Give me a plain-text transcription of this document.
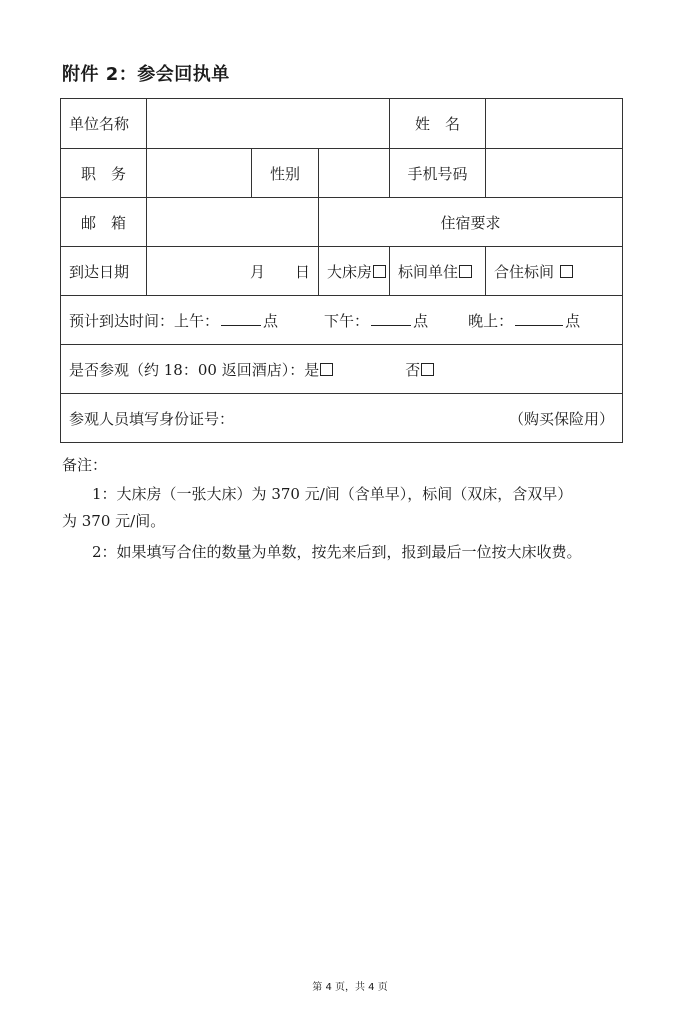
附件 2：参会回执单
单位名称				姓　名	
职　务		性别		手机号码	
邮　箱			住宿要求		
到达日期	月 日		大床房	标间单住	合住标间
预计到达时间：上午： 点 下午： 点 晚上： 点					
是否参观（约 18：00 返回酒店）：是 否					

参观人员填写身份证号： （购买保险用）					
备注：
1：大床房（一张大床）为 370 元/间（含单早），标间（双床，含双早）
为 370 元/间。
2：如果填写合住的数量为单数，按先来后到，报到最后一位按大床收费。
第 4 页，共 4 页
